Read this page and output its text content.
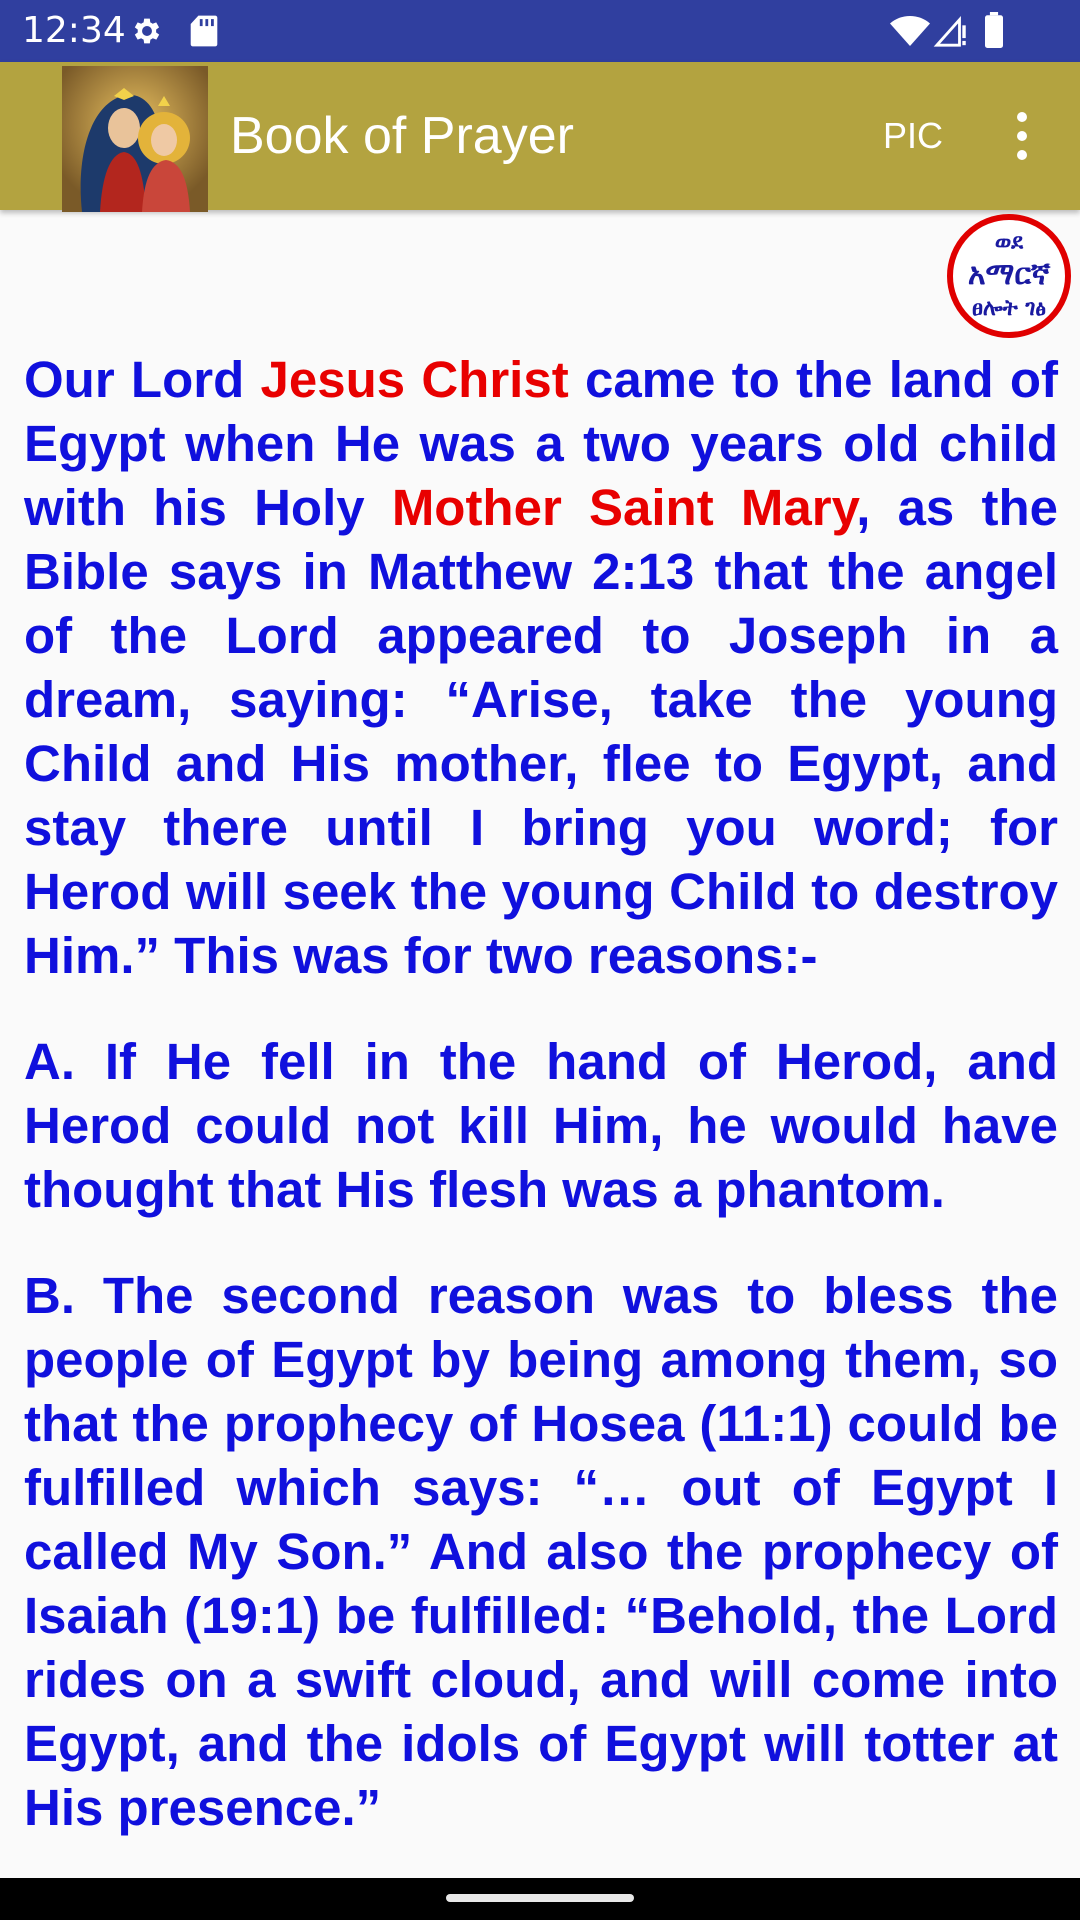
12:34
Book of Prayer	PIC
ወደ
አማርኛ
ፀሎት ገፅ

Our Lord Jesus Christ came to the land of Egypt when He was a two years old child with his Holy Mother Saint Mary, as the Bible says in Matthew 2:13 that the angel of the Lord appeared to Joseph in a dream, saying: “Arise, take the young Child and His mother, flee to Egypt, and stay there until I bring you word; for Herod will seek the young Child to destroy Him.” This was for two reasons:-

A. If He fell in the hand of Herod, and Herod could not kill Him, he would have thought that His flesh was a phantom.

B. The second reason was to bless the people of Egypt by being among them, so that the prophecy of Hosea (11:1) could be fulfilled which says: “… out of Egypt I called My Son.” And also the prophecy of Isaiah (19:1) be fulfilled: “Behold, the Lord rides on a swift cloud, and will come into Egypt, and the idols of Egypt will totter at His presence.”
